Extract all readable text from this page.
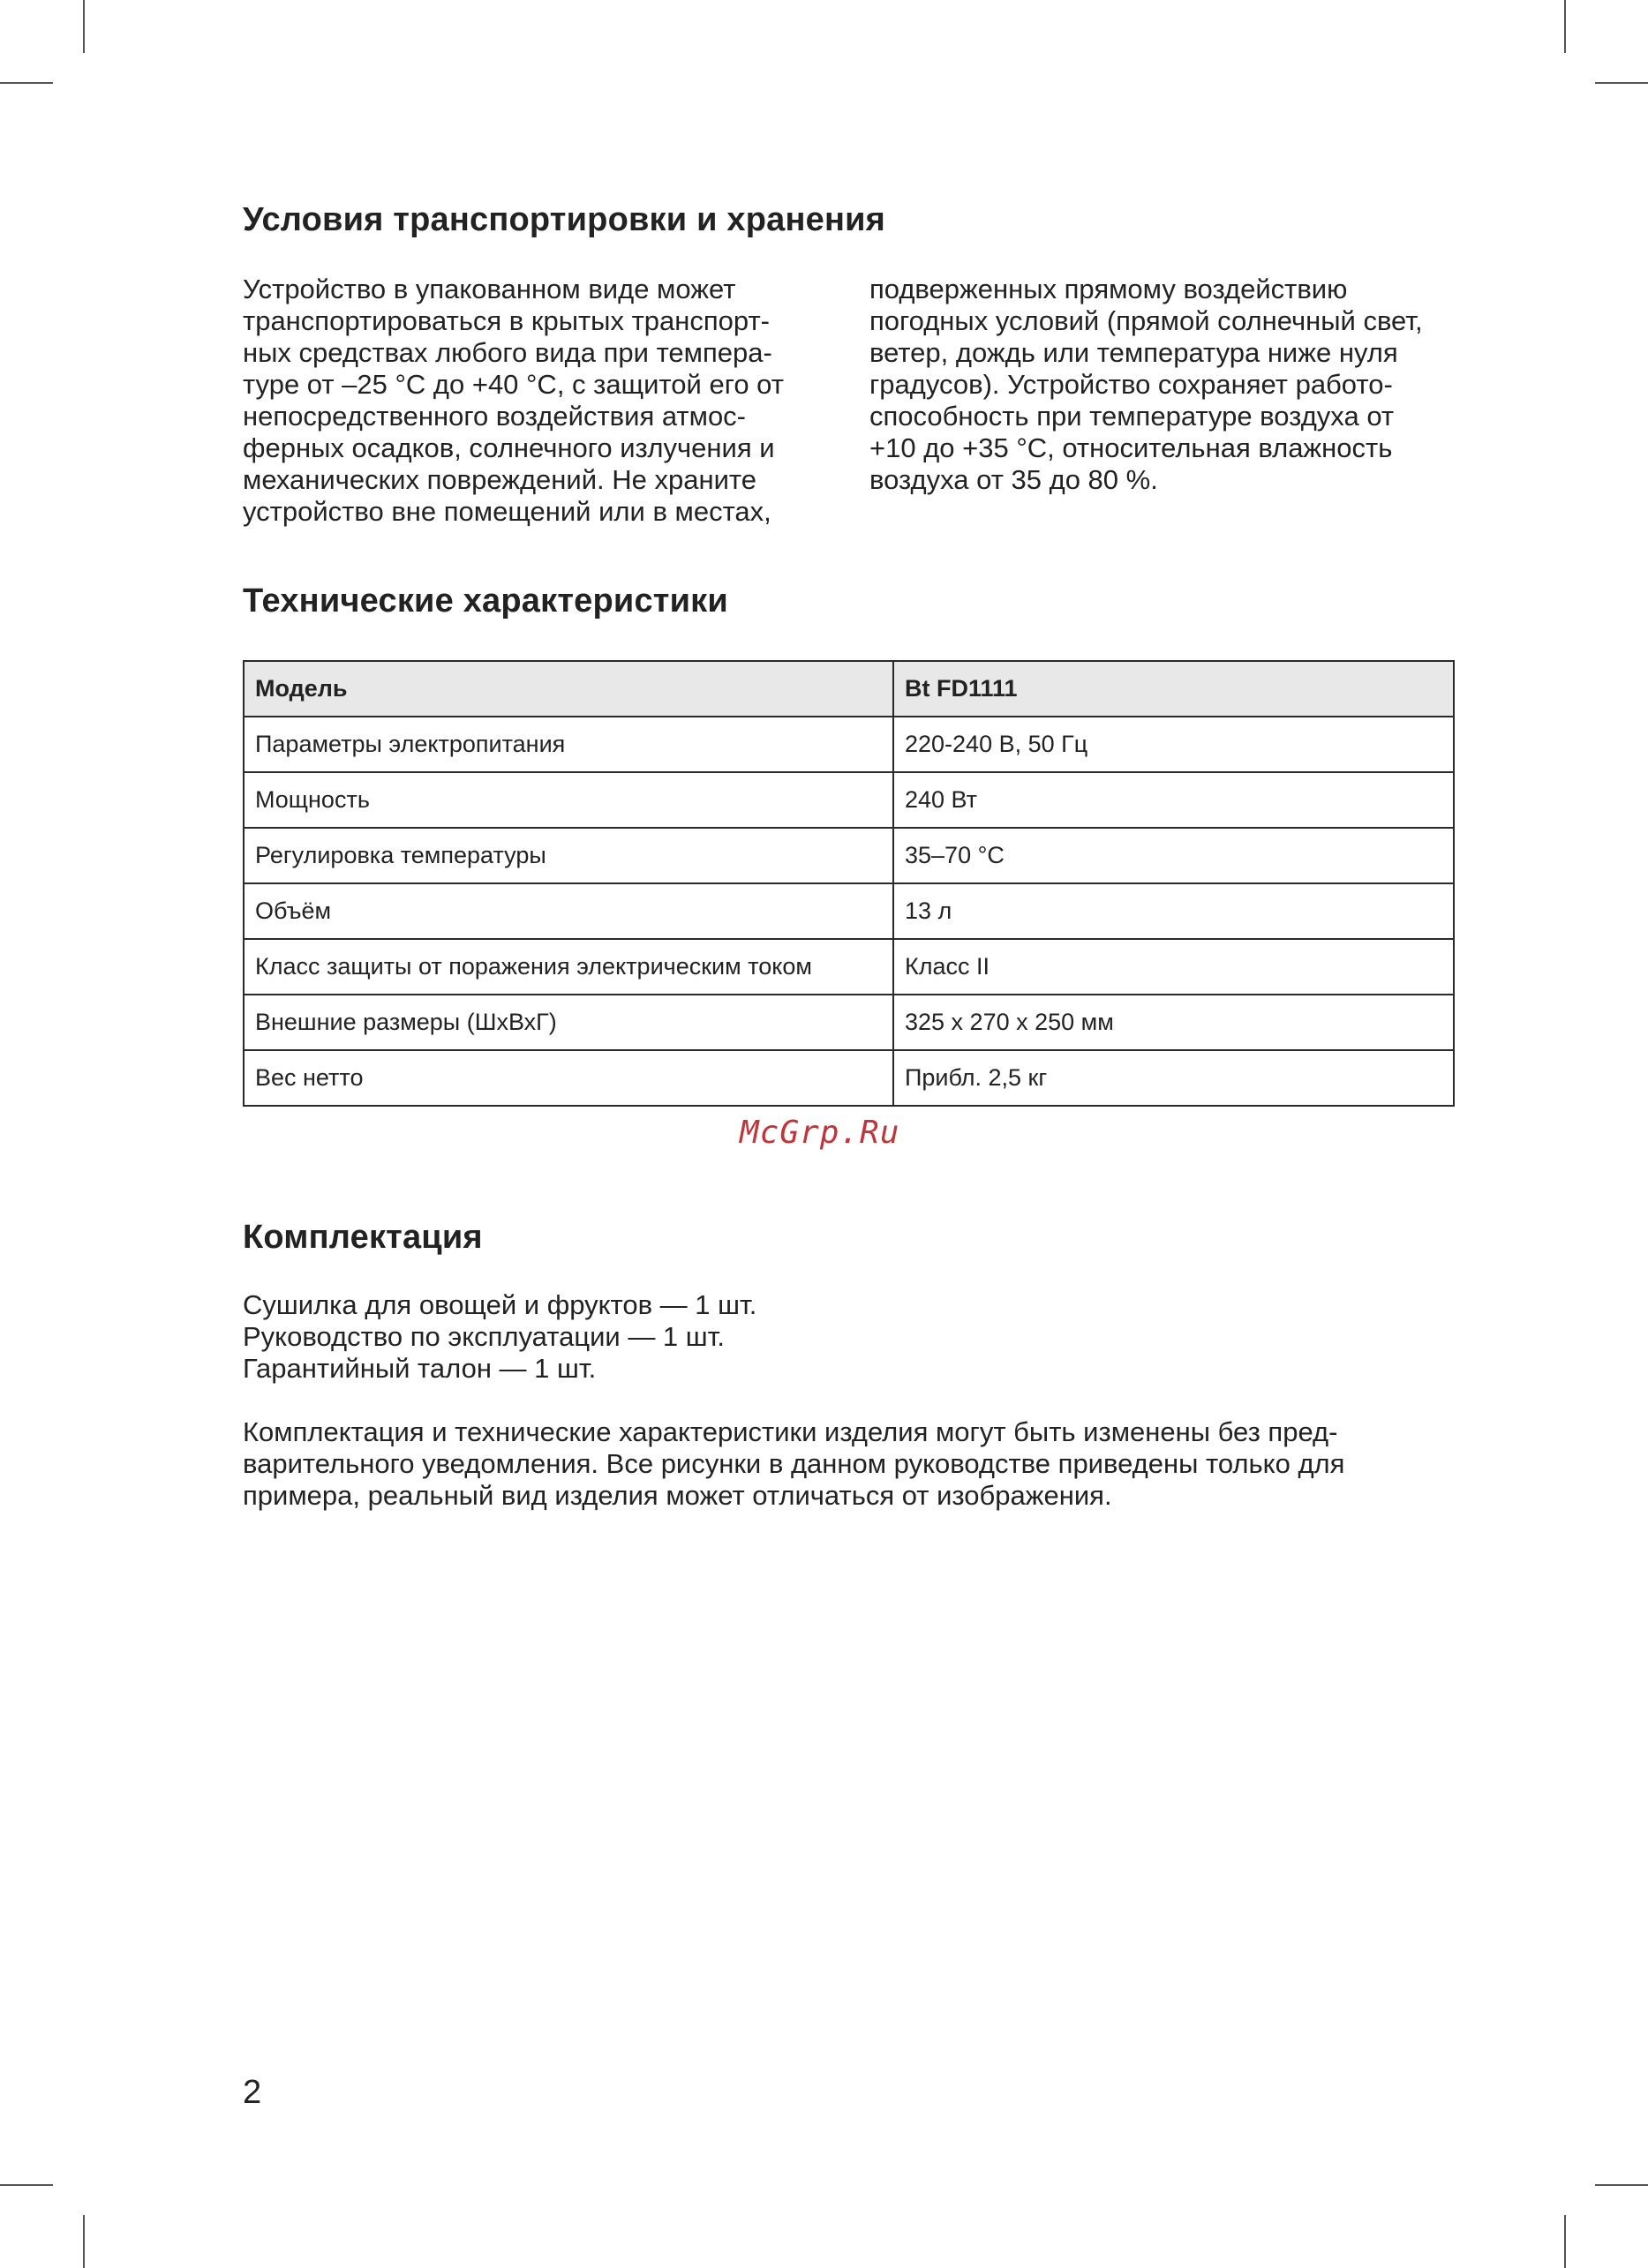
Условия транспортировки и хранения

Устройство в упакованном виде может
транспортироваться в крытых транспорт-
ных средствах любого вида при темпера-
туре от –25 °С до +40 °С, с защитой его от
непосредственного воздействия атмос-
ферных осадков, солнечного излучения и
механических повреждений. Не храните
устройство вне помещений или в местах,

подверженных прямому воздействию
погодных условий (прямой солнечный свет,
ветер, дождь или температура ниже нуля
градусов). Устройство сохраняет работо-
способность при температуре воздуха от
+10 до +35 °С, относительная влажность
воздуха от 35 до 80 %.

Технические характеристики
Модель	Bt FD1111
Параметры электропитания	220-240 В, 50 Гц
Мощность	240 Вт
Регулировка температуры	35–70 °С
Объём	13 л
Класс защиты от поражения электрическим током	Класс II
Внешние размеры (ШхВхГ)	325 х 270 х 250 мм
Вес нетто	Прибл. 2,5 кг
McGrp.Ru
Комплектация

Сушилка для овощей и фруктов — 1 шт.
Руководство по эксплуатации — 1 шт.
Гарантийный талон — 1 шт.

Комплектация и технические характеристики изделия могут быть изменены без пред-
варительного уведомления. Все рисунки в данном руководстве приведены только для
примера, реальный вид изделия может отличаться от изображения.

2
